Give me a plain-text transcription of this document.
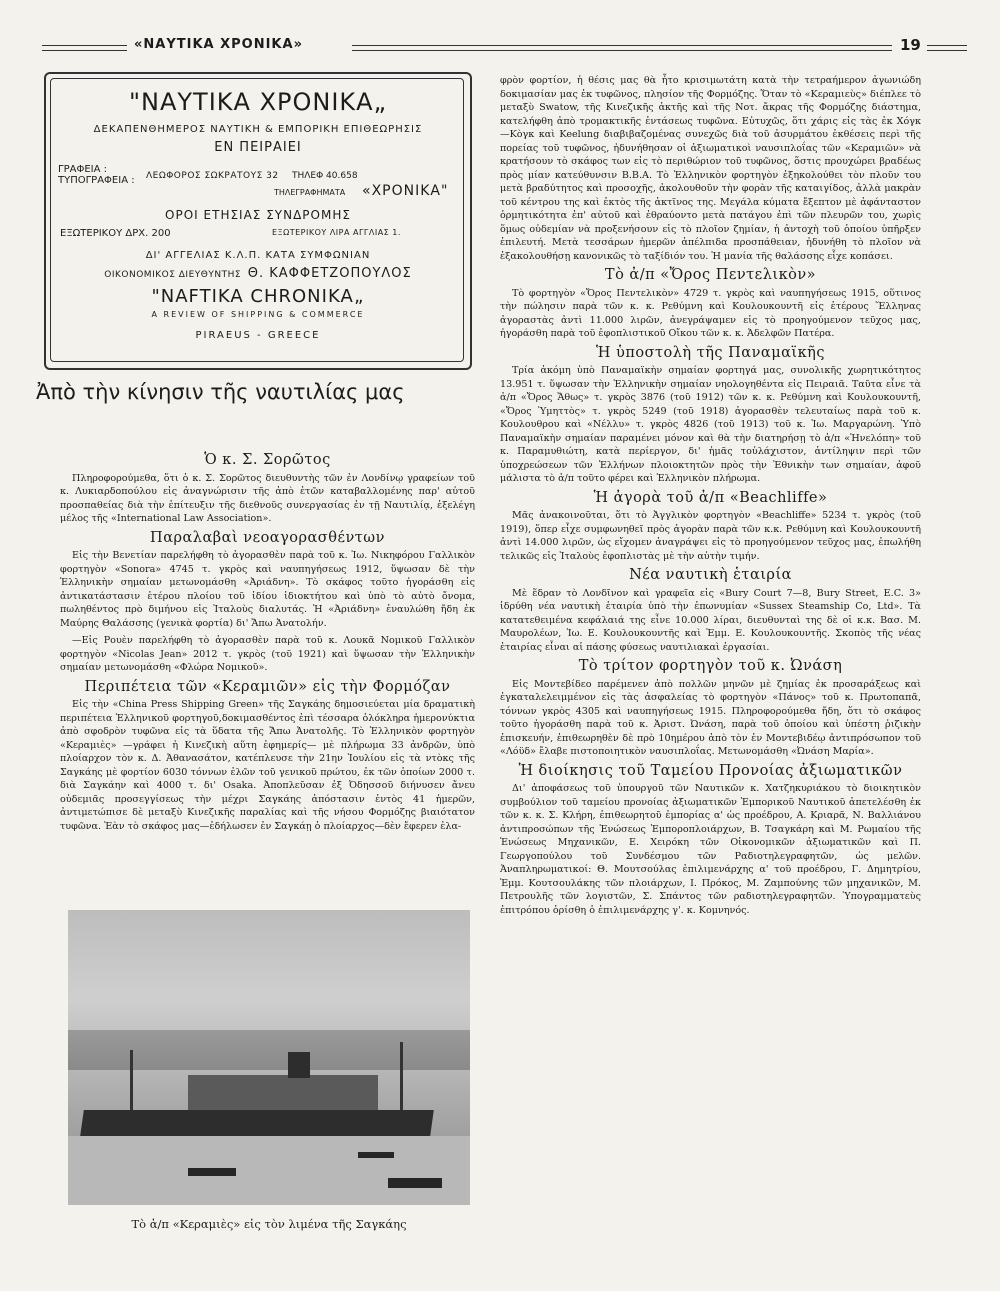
«ΝΑΥΤΙΚΑ ΧΡΟΝΙΚΑ»	19
"ΝΑΥΤΙΚΑ ΧΡΟΝΙΚΑ„
ΔΕΚΑΠΕΝΘΗΜΕΡΟΣ ΝΑΥΤΙΚΗ & ΕΜΠΟΡΙΚΗ ΕΠΙΘΕΩΡΗΣΙΣ
ΕΝ ΠΕΙΡΑΙΕΙ
ΓΡΑΦΕΙΑ : ΤΥΠΟΓΡΑΦΕΙΑ :	ΛΕΩΦΟΡΟΣ ΣΩΚΡΑΤΟΥΣ 32
ΤΗΛΕΓΡΑΦΗΜΑΤΑ «ΧΡΟΝΙΚΑ"
ΤΗΛΕΦ 40.658
ΟΡΟΙ ΕΤΗΣΙΑΣ ΣΥΝΔΡΟΜΗΣ
ΕΞΩΤΕΡΙΚΟΥ ΔΡΧ. 200	ΕΞΩΤΕΡΙΚΟΥ ΛΙΡΑ ΑΓΓΛΙΑΣ 1.
ΔΙ' ΑΓΓΕΛΙΑΣ Κ.Λ.Π. ΚΑΤΑ ΣΥΜΦΩΝΙΑΝ
ΟΙΚΟΝΟΜΙΚΟΣ ΔΙΕΥΘΥΝΤΗΣ Θ. ΚΑΦΦΕΤΖΟΠΟΥΛΟΣ
"NAFTIKA CHRONIKA„
A REVIEW OF SHIPPING & COMMERCE
PIRAEUS - GREECE
Ἀπὸ τὴν κίνησιν τῆς ναυτιλίας μας
Ὁ κ. Σ. Σορῶτος

Πληροφορούμεθα, ὅτι ὁ κ. Σ. Σορῶτος διευθυντὴς τῶν ἐν Λονδίνῳ γραφείων τοῦ κ. Λυκιαρδοπούλου εἰς ἀναγνώρισιν τῆς ἀπὸ ἐτῶν καταβαλλομένης παρ' αὐτοῦ προσπαθείας διὰ τὴν ἐπίτευξιν τῆς διεθνοῦς συνεργασίας ἐν τῇ Ναυτιλίᾳ, ἐξελέγη μέλος τῆς «International Law Association».

Παραλαβαὶ νεοαγορασθέντων

Εἰς τὴν Βενετίαν παρελήφθη τὸ ἀγορασθὲν παρὰ τοῦ κ. Ἰω. Νικηφόρου Γαλλικὸν φορτηγὸν «Sonora» 4745 τ. γκρὸς καὶ ναυπηγήσεως 1912, ὕψωσαν δὲ τὴν Ἑλληνικὴν σημαίαν μετωνομάσθη «Ἀριάδνη». Τὸ σκάφος τοῦτο ἠγοράσθη εἰς ἀντικατάστασιν ἑτέρου πλοίου τοῦ ἰδίου ἰδιοκτήτου καὶ ὑπὸ τὸ αὐτὸ ὄνομα, πωληθέντος πρὸ διμήνου εἰς Ἰταλοὺς διαλυτάς. Ἡ «Ἀριάδνη» ἐναυλώθη ἤδη ἐκ Μαύρης Θαλάσσης (γενικὰ φορτία) δι' Ἄπω Ἀνατολήν.

—Εἰς Ρουὲν παρελήφθη τὸ ἀγορασθὲν παρὰ τοῦ κ. Λουκᾶ Νομικοῦ Γαλλικὸν φορτηγὸν «Nicolas Jean» 2012 τ. γκρὸς (τοῦ 1921) καὶ ὕψωσαν τὴν Ἑλληνικὴν σημαίαν μετωνομάσθη «Φλώρα Νομικοῦ».

Περιπέτεια τῶν «Κεραμιῶν» εἰς τὴν Φορμόζαν

Εἰς τὴν «China Press Shipping Green» τῆς Σαγκάης δημοσιεύεται μία δραματικὴ περιπέτεια Ἑλληνικοῦ φορτηγοῦ,δοκιμασθέντος ἐπὶ τέσσαρα ὁλόκληρα ἡμερονύκτια ἀπὸ σφοδρὸν τυφῶνα εἰς τὰ ὕδατα τῆς Ἄπω Ἀνατολῆς. Τὸ Ἑλληνικὸν φορτηγὸν «Κεραμιὲς» —γράφει ἡ Κινεζικὴ αὕτη ἐφημερίς— μὲ πλήρωμα 33 ἀνδρῶν, ὑπὸ πλοίαρχον τὸν κ. Δ. Ἀθανασάτον, κατέπλευσε τὴν 21ην Ἰουλίου εἰς τὰ ντὸκς τῆς Σαγκάης μὲ φορτίον 6030 τόννων ἐλῶν τοῦ γενικοῦ πρώτου, ἐκ τῶν ὁποίων 2000 τ. διὰ Σαγκάην καὶ 4000 τ. δι' Osaka. Ἀποπλεῦσαν ἐξ Ὀδησσοῦ διήνυσεν ἄνευ οὐδεμιᾶς προσεγγίσεως τὴν μέχρι Σαγκάης ἀπόστασιν ἐντὸς 41 ἡμερῶν, ἀντιμετώπισε δὲ μεταξὺ Κινεζικῆς παραλίας καὶ τῆς νήσου Φορμόζης βιαιότατον τυφῶνα. Ἐὰν τὸ σκάφος μας—ἐδήλωσεν ἐν Σαγκάῃ ὁ πλοίαρχος—δὲν ἔφερεν ἐλα-

Τὸ ἀ/π «Κεραμιὲς» εἰς τὸν λιμένα τῆς Σαγκάης

φρὸν φορτίον, ἡ θέσις μας θὰ ἦτο κρισιμωτάτη κατὰ τὴν τετραήμερον ἀγωνιώδη δοκιμασίαν μας ἐκ τυφῶνος, πλησίον τῆς Φορμόζης. Ὅταν τὸ «Κεραμιεὺς» διέπλεε τὸ μεταξὺ Swatow, τῆς Κινεζικῆς ἀκτῆς καὶ τῆς Νοτ. ἄκρας τῆς Φορμόζης διάστημα, κατελήφθη ἀπὸ τρομακτικῆς ἐντάσεως τυφῶνα. Εὐτυχῶς, ὅτι χάρις εἰς τὰς ἐκ Χόγκ —Κὸγκ καὶ Keelung διαβιβαζομένας συνεχῶς διὰ τοῦ ἀσυρμάτου ἐκθέσεις περὶ τῆς πορείας τοῦ τυφῶνος, ἠδυνήθησαν οἱ ἀξιωματικοὶ ναυσιπλοΐας τῶν «Κεραμιῶν» νὰ κρατήσουν τὸ σκάφος των εἰς τὸ περιθώριον τοῦ τυφῶνος, ὅστις προυχώρει βραδέως πρὸς μίαν κατεύθυνσιν Β.Β.Α. Τὸ Ἑλληνικὸν φορτηγὸν ἐξηκολούθει τὸν πλοῦν του μετὰ βραδύτητος καὶ προσοχῆς, ἀκολουθοῦν τὴν φορὰν τῆς καταιγίδος, ἀλλὰ μακρὰν τοῦ κέντρου της καὶ ἐκτὸς τῆς ἀκτῖνος της. Μεγάλα κύματα ἔξεπτον μὲ ἀφάνταστον ὁρμητικότητα ἐπ' αὐτοῦ καὶ ἐθραύοντο μετὰ πατάγου ἐπὶ τῶν πλευρῶν του, χωρὶς ὅμως οὐδεμίαν νὰ προξενήσουν εἰς τὸ πλοῖον ζημίαν, ἡ ἀντοχὴ τοῦ ὁποίου ὑπῆρξεν ἐπιλευτή. Μετὰ τεσσάρων ἡμερῶν ἀπέλπιδα προσπάθειαν, ἠδυνήθη τὸ πλοῖον νὰ ἐξακολουθήσῃ κανονικῶς τὸ ταξίδιόν του. Ἡ μανία τῆς θαλάσσης εἶχε κοπάσει.

Τὸ ἀ/π «Ὄρος Πεντελικὸν»

Τὸ φορτηγὸν «Ὄρος Πεντελικὸν» 4729 τ. γκρὸς καὶ ναυπηγήσεως 1915, οὕτινος τὴν πώλησιν παρὰ τῶν κ. κ. Ρεθύμνη καὶ Κουλουκουντῆ εἰς ἑτέρους Ἕλληνας ἀγοραστὰς ἀντὶ 11.000 λιρῶν, ἀνεγράψαμεν εἰς τὸ προηγούμενον τεῦχος μας, ἠγοράσθη παρὰ τοῦ ἐφοπλιστικοῦ Οἴκου τῶν κ. κ. Ἀδελφῶν Πατέρα.

Ἡ ὑποστολὴ τῆς Παναμαϊκῆς

Τρία ἀκόμη ὑπὸ Παναμαϊκὴν σημαίαν φορτηγά μας, συνολικῆς χωρητικότητος 13.951 τ. ὕψωσαν τὴν Ἑλληνικὴν σημαίαν νηολογηθέντα εἰς Πειραιᾶ. Ταῦτα εἶνε τὰ ἀ/π «Ὄρος Ἄθως» τ. γκρὸς 3876 (τοῦ 1912) τῶν κ. κ. Ρεθύμνη καὶ Κουλουκουντῆ, «Ὄρος Ὑμηττὸς» τ. γκρὸς 5249 (τοῦ 1918) ἀγορασθὲν τελευταίως παρὰ τοῦ κ. Κουλουθρου καὶ «Νέλλυ» τ. γκρὸς 4826 (τοῦ 1913) τοῦ κ. Ἰω. Μαργαρώνη. Ὑπὸ Παναμαϊκὴν σημαίαν παραμένει μόνον καὶ θὰ τὴν διατηρήσῃ τὸ ἀ/π «Ἠνελόπη» τοῦ κ. Παραμυθιώτη, κατὰ περίεργον, δι' ἡμᾶς τοὐλάχιστον, ἀντίληψιν περὶ τῶν ὑποχρεώσεων τῶν Ἑλλήνων πλοιοκτητῶν πρὸς τὴν Ἐθνικὴν των σημαίαν, ἀφοῦ μάλιστα τὸ ἀ/π τοῦτο φέρει καὶ Ἑλληνικὸν πλήρωμα.

Ἡ ἀγορὰ τοῦ ἀ/π «Beachliffe»

Μᾶς ἀνακοινοῦται, ὅτι τὸ Ἀγγλικὸν φορτηγὸν «Beachliffe» 5234 τ. γκρὸς (τοῦ 1919), ὅπερ εἶχε συμφωνηθεῖ πρὸς ἀγορὰν παρὰ τῶν κ.κ. Ρεθύμνη καὶ Κουλουκουντῆ ἀντὶ 14.000 λιρῶν, ὡς εἴχομεν ἀναγράψει εἰς τὸ προηγούμενον τεῦχος μας, ἐπωλήθη τελικῶς εἰς Ἰταλοὺς ἐφοπλιστὰς μὲ τὴν αὐτὴν τιμήν.

Νέα ναυτικὴ ἑταιρία

Μὲ ἕδραν τὸ Λονδῖνον καὶ γραφεῖα εἰς «Bury Court 7—8, Bury Street, E.C. 3» ἱδρύθη νέα ναυτικὴ ἑταιρία ὑπὸ τὴν ἐπωνυμίαν «Sussex Steamship Co, Ltd». Τὰ κατατεθειμένα κεφάλαιά της εἶνε 10.000 λίραι, διευθυνταὶ της δὲ οἱ κ.κ. Βασ. Μ. Μαυρολέων, Ἰω. Ε. Κουλουκουντῆς καὶ Ἐμμ. Ε. Κουλουκουντῆς. Σκοπὸς τῆς νέας ἑταιρίας εἶναι αἱ πάσης φύσεως ναυτιλιακαὶ ἐργασίαι.

Τὸ τρίτον φορτηγὸν τοῦ κ. Ὠνάση

Εἰς Μοντεβίδεο παρέμενεν ἀπὸ πολλῶν μηνῶν μὲ ζημίας ἐκ προσαράξεως καὶ ἐγκαταλελειμμένον εἰς τὰς ἀσφαλείας τὸ φορτηγὸν «Πάνος» τοῦ κ. Πρωτοπαπᾶ, τόννων γκρὸς 4305 καὶ ναυπηγήσεως 1915. Πληροφορούμεθα ἤδη, ὅτι τὸ σκάφος τοῦτο ἠγοράσθη παρὰ τοῦ κ. Ἀριστ. Ὠνάση, παρὰ τοῦ ὁποίου καὶ ὑπέστη ῥιζικὴν ἐπισκευήν, ἐπιθεωρηθὲν δὲ πρὸ 10ημέρου ἀπὸ τὸν ἐν Μοντεβιδέῳ ἀντιπρόσωπον τοῦ «Λόϋδ» ἔλαβε πιστοποιητικὸν ναυσιπλοΐας. Μετωνομάσθη «Ὠνάση Μαρία».

Ἡ διοίκησις τοῦ Ταμείου Προνοίας ἀξιωματικῶν

Δι' ἀποφάσεως τοῦ ὑπουργοῦ τῶν Ναυτικῶν κ. Χατζηκυριάκου τὸ διοικητικὸν συμβούλιον τοῦ ταμείου προνοίας ἀξιωματικῶν Ἐμπορικοῦ Ναυτικοῦ ἀπετελέσθη ἐκ τῶν κ. κ. Σ. Κλήρη, ἐπιθεωρητοῦ ἐμπορίας α' ὡς προέδρου, Α. Κριαρᾶ, Ν. Βαλλιάνου ἀντιπροσώπων τῆς Ἑνώσεως Ἐμποροπλοιάρχων, Β. Τσαγκάρη καὶ Μ. Ρωμαίου τῆς Ἑνώσεως Μηχανικῶν, Ε. Χειρόκη τῶν Οἰκονομικῶν ἀξιωματικῶν καὶ Π. Γεωργοπούλου τοῦ Συνδέσμου τῶν Ραδιοτηλεγραφητῶν, ὡς μελῶν. Ἀναπληρωματικοί: Θ. Μουτσούλας ἐπιλιμενάρχης α' τοῦ προέδρου, Γ. Δημητρίου, Ἐμμ. Κουτσουλάκης τῶν πλοιάρχων, Ι. Πρόκος, Μ. Ζαμπούνης τῶν μηχανικῶν, Μ. Πετρουλῆς τῶν λογιστῶν, Σ. Σπάντος τῶν ραδιοτηλεγραφητῶν. Ὑπογραμματεὺς ἐπιτρόπου ὁρίσθη ὁ ἐπιλιμενάρχης γ'. κ. Κομνηνός.
